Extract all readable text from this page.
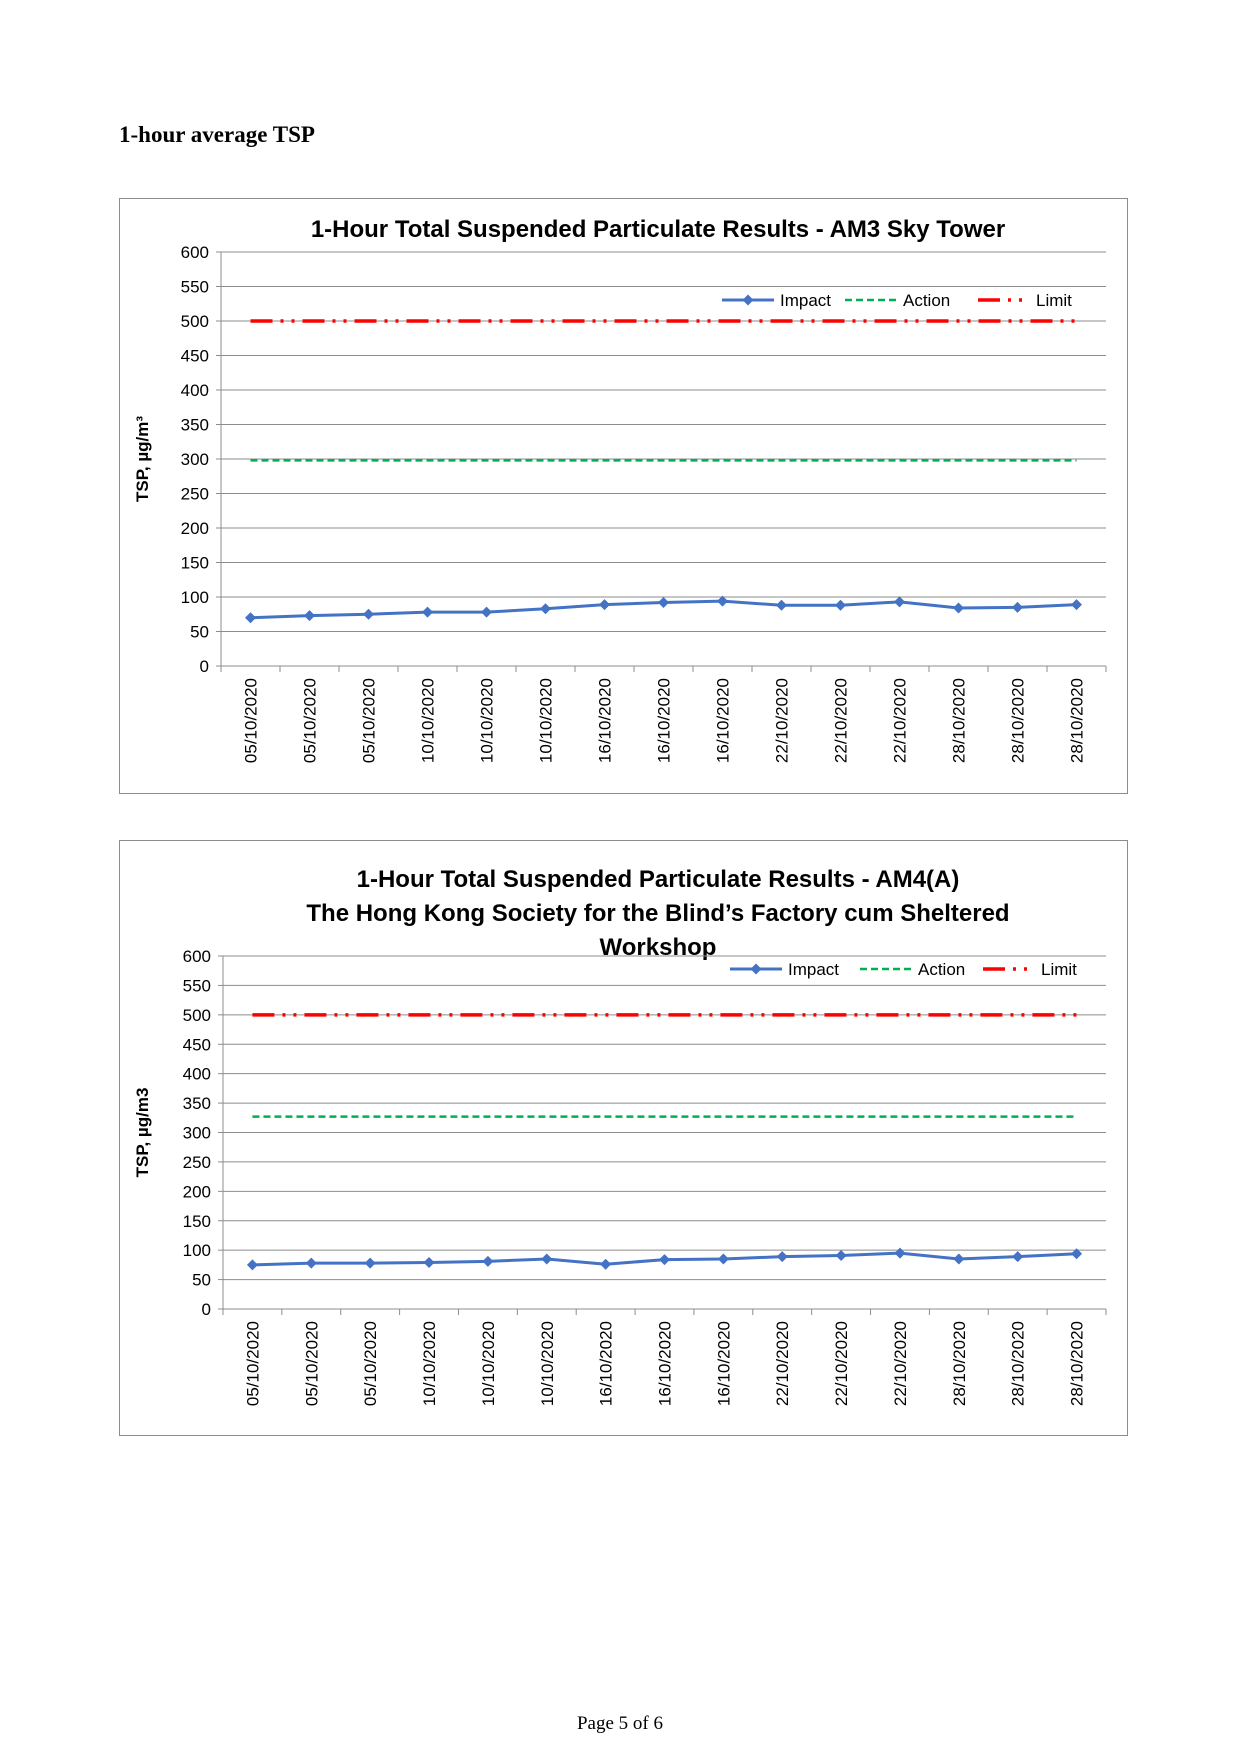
1-hour average TSP
1-Hour Total Suspended Particulate Results - AM3 Sky Tower
0
50
100
150
200
250
300
350
400
450
500
550
600
05/10/2020 05/10/2020 05/10/2020 10/10/2020 10/10/2020 10/10/2020 16/10/2020 16/10/2020 16/10/2020 22/10/2020 22/10/2020 22/10/2020 28/10/2020 28/10/2020 28/10/2020
TSP, µg/m³
Impact	Action	Limit
1-Hour Total Suspended Particulate Results - AM4(A)
The Hong Kong Society for the Blind’s Factory cum Sheltered
Workshop
0
50
100
150
200
250
300
350
400
450
500
550
600
05/10/2020 05/10/2020 05/10/2020 10/10/2020 10/10/2020 10/10/2020 16/10/2020 16/10/2020 16/10/2020 22/10/2020 22/10/2020 22/10/2020 28/10/2020 28/10/2020 28/10/2020
TSP, µg/m3
Impact	Action	Limit
Page 5 of 6
